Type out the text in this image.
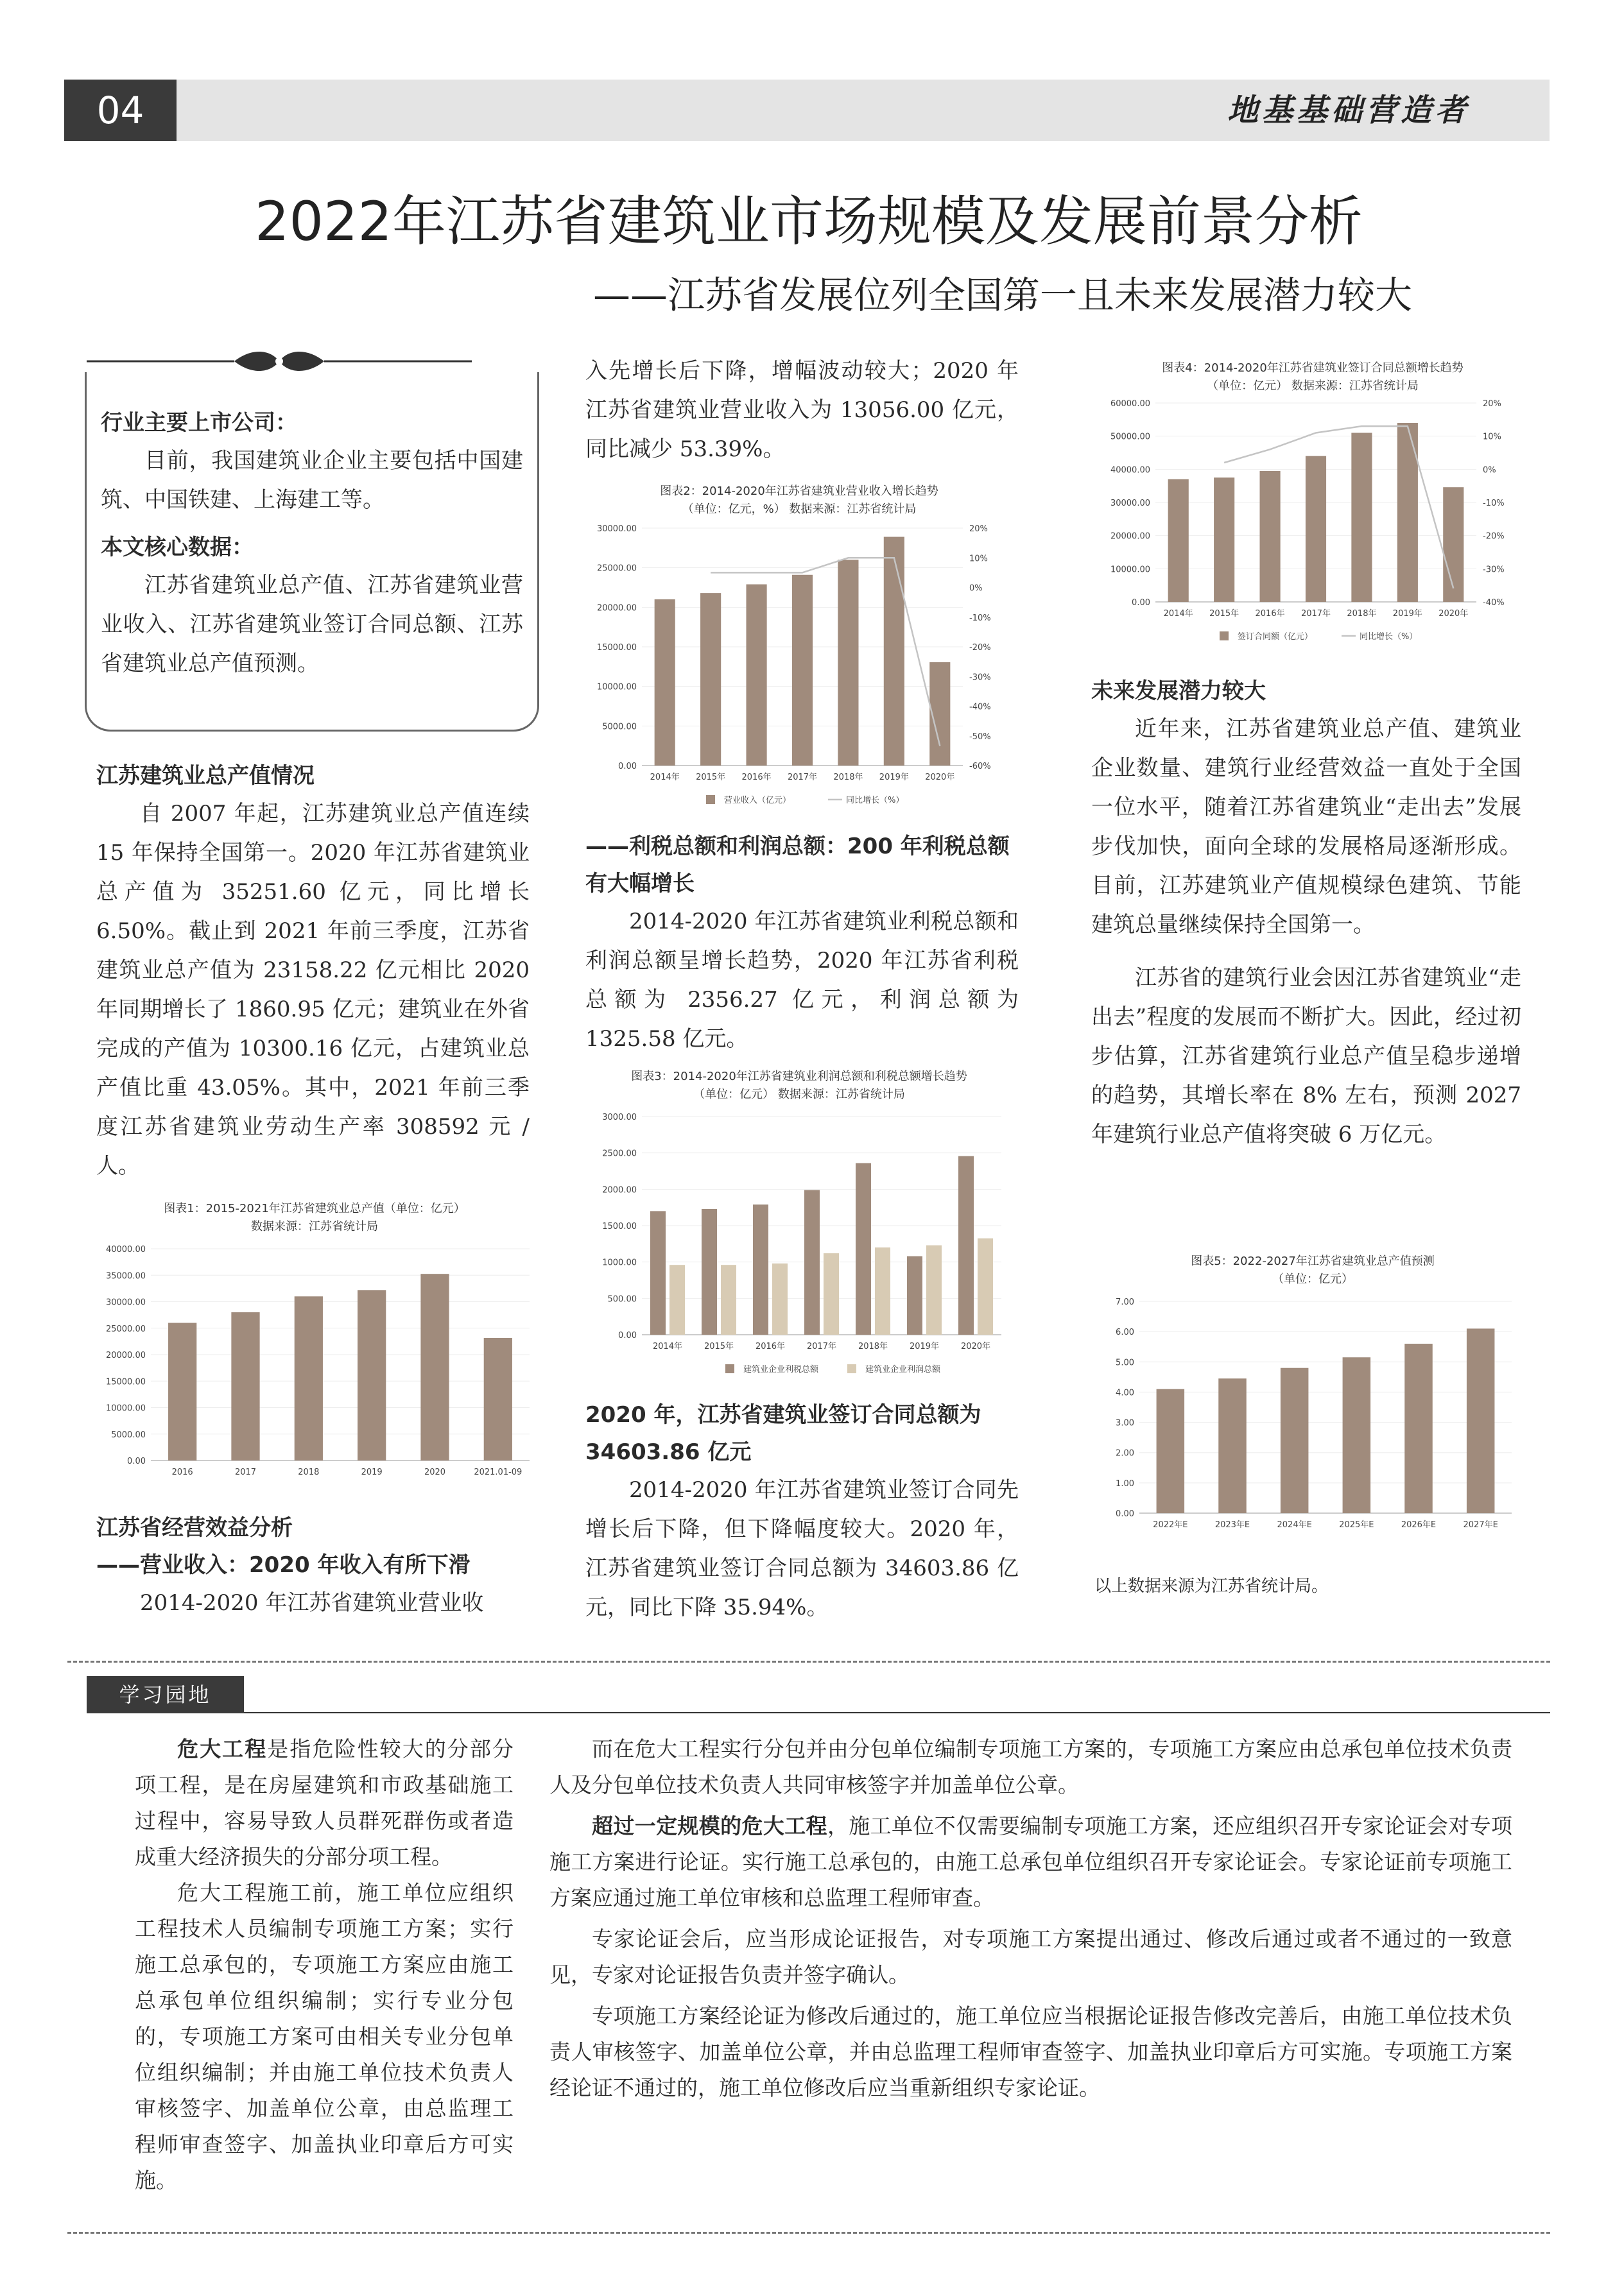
04	地基基础营造者
2022年江苏省建筑业市场规模及发展前景分析
——江苏省发展位列全国第一且未来发展潜力较大

行业主要上市公司：

目前，我国建筑业企业主要包括中国建筑、中国铁建、上海建工等。

本文核心数据：

江苏省建筑业总产值、江苏省建筑业营业收入、江苏省建筑业签订合同总额、江苏省建筑业总产值预测。

江苏建筑业总产值情况

自 2007 年起，江苏建筑业总产值连续 15 年保持全国第一。2020 年江苏省建筑业总产值为 35251.60 亿元，同比增长 6.50%。截止到 2021 年前三季度，江苏省建筑业总产值为 23158.22 亿元相比 2020 年同期增长了 1860.95 亿元；建筑业在外省完成的产值为 10300.16 亿元，占建筑业总产值比重 43.05%。其中，2021 年前三季度江苏省建筑业劳动生产率 308592 元 / 人。

图表1：2015-2021年江苏省建筑业总产值（单位：亿元）
数据来源：江苏省统计局
0.00
5000.00
10000.00
15000.00
20000.00
25000.00
30000.00
35000.00
40000.00
2016	2017	2018	2019	2020	2021.01-09

江苏省经营效益分析

——营业收入：2020 年收入有所下滑

2014-2020 年江苏省建筑业营业收

入先增长后下降，增幅波动较大；2020 年江苏省建筑业营业收入为 13056.00 亿元，同比减少 53.39%。

图表2：2014-2020年江苏省建筑业营业收入增长趋势
（单位：亿元，%） 数据来源：江苏省统计局
0.00
5000.00
10000.00
15000.00
20000.00
25000.00
30000.00
2014年 2015年 2016年 2017年 2018年 2019年 2020年
-60%
-50%
-40%
-30%
-20%
-10%
0%
10%
20%
营业收入（亿元）	同比增长（%）

——利税总额和利润总额：200 年利税总额有大幅增长

2014-2020 年江苏省建筑业利税总额和利润总额呈增长趋势，2020 年江苏省利税总额为 2356.27 亿元，利润总额为 1325.58 亿元。

图表3：2014-2020年江苏省建筑业利润总额和利税总额增长趋势
（单位：亿元） 数据来源：江苏省统计局
0.00
500.00
1000.00
1500.00
2000.00
2500.00
3000.00
2014年	2015年	2016年	2017年	2018年	2019年	2020年
建筑业企业利税总额	建筑业企业利润总额

2020 年，江苏省建筑业签订合同总额为 34603.86 亿元

2014-2020 年江苏省建筑业签订合同先增长后下降，但下降幅度较大。2020 年，江苏省建筑业签订合同总额为 34603.86 亿元，同比下降 35.94%。

图表4：2014-2020年江苏省建筑业签订合同总额增长趋势
（单位：亿元） 数据来源：江苏省统计局
0.00
10000.00
20000.00
30000.00
40000.00
50000.00
60000.00
2014年 2015年 2016年 2017年 2018年 2019年 2020年
-40%
-30%
-20%
-10%
0%
10%
20%
签订合同额（亿元）	同比增长（%）

未来发展潜力较大

近年来，江苏省建筑业总产值、建筑业企业数量、建筑行业经营效益一直处于全国一位水平，随着江苏省建筑业“走出去”发展步伐加快，面向全球的发展格局逐渐形成。目前，江苏建筑业产值规模绿色建筑、节能建筑总量继续保持全国第一。

江苏省的建筑行业会因江苏省建筑业“走出去”程度的发展而不断扩大。因此，经过初步估算，江苏省建筑行业总产值呈稳步递增的趋势，其增长率在 8% 左右，预测 2027 年建筑行业总产值将突破 6 万亿元。

图表5：2022-2027年江苏省建筑业总产值预测
（单位：亿元）
0.00
1.00
2.00
3.00
4.00
5.00
6.00
7.00
2022年E	2023年E	2024年E	2025年E	2026年E	2027年E
以上数据来源为江苏省统计局。
学习园地

危大工程是指危险性较大的分部分项工程，是在房屋建筑和市政基础施工过程中，容易导致人员群死群伤或者造成重大经济损失的分部分项工程。

危大工程施工前，施工单位应组织工程技术人员编制专项施工方案；实行施工总承包的，专项施工方案应由施工总承包单位组织编制；实行专业分包的，专项施工方案可由相关专业分包单位组织编制；并由施工单位技术负责人审核签字、加盖单位公章，由总监理工程师审查签字、加盖执业印章后方可实施。

而在危大工程实行分包并由分包单位编制专项施工方案的，专项施工方案应由总承包单位技术负责人及分包单位技术负责人共同审核签字并加盖单位公章。

超过一定规模的危大工程，施工单位不仅需要编制专项施工方案，还应组织召开专家论证会对专项施工方案进行论证。实行施工总承包的，由施工总承包单位组织召开专家论证会。专家论证前专项施工方案应通过施工单位审核和总监理工程师审查。

专家论证会后，应当形成论证报告，对专项施工方案提出通过、修改后通过或者不通过的一致意见，专家对论证报告负责并签字确认。

专项施工方案经论证为修改后通过的，施工单位应当根据论证报告修改完善后，由施工单位技术负责人审核签字、加盖单位公章，并由总监理工程师审查签字、加盖执业印章后方可实施。专项施工方案经论证不通过的，施工单位修改后应当重新组织专家论证。
